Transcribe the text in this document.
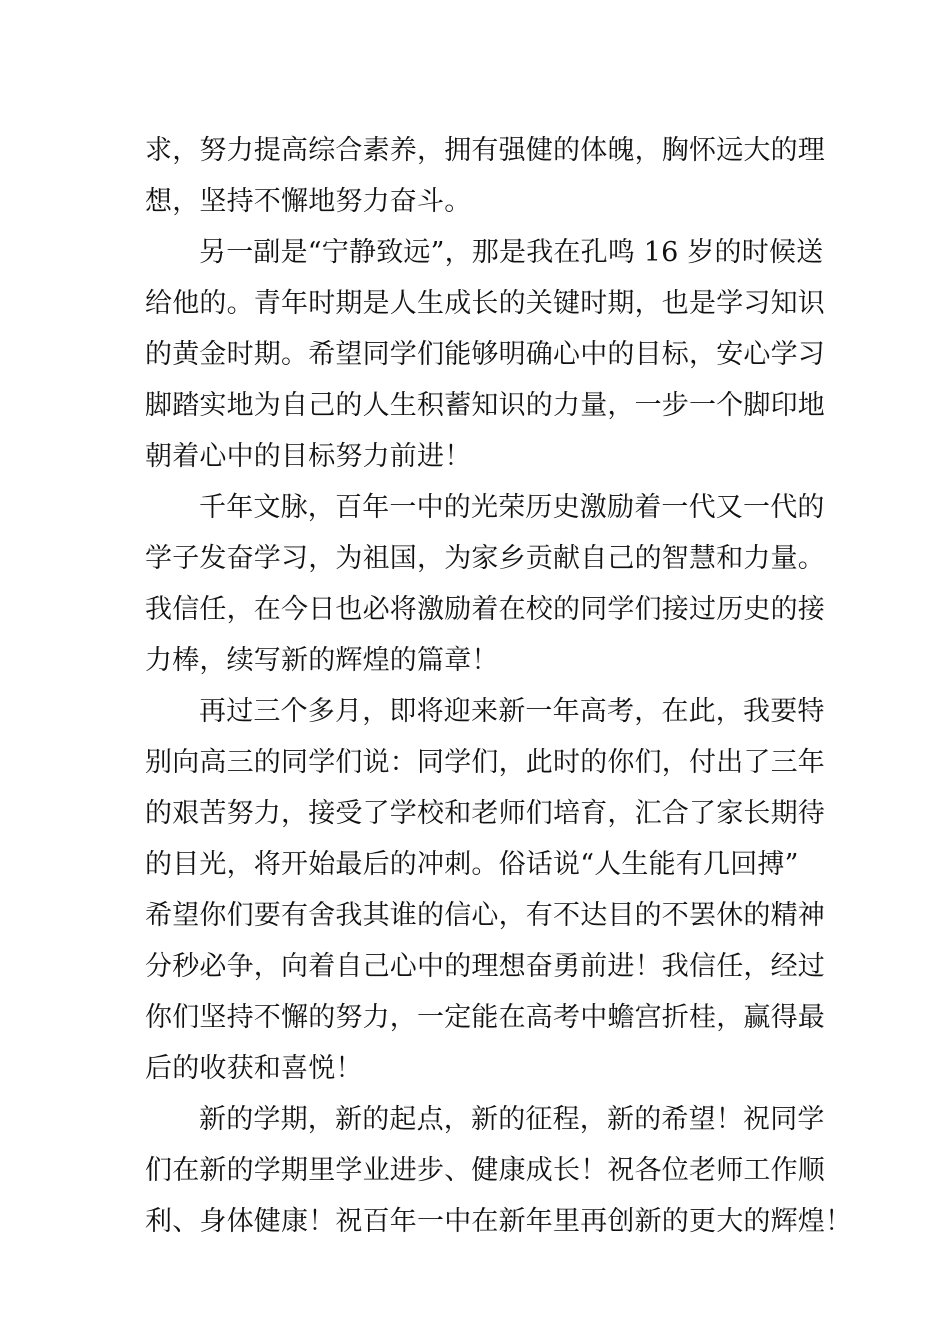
求，努力提高综合素养，拥有强健的体魄，胸怀远大的理
想，坚持不懈地努力奋斗。
另一副是“宁静致远”，那是我在孔鸣 16 岁的时候送
给他的。青年时期是人生成长的关键时期，也是学习知识
的黄金时期。希望同学们能够明确心中的目标，安心学习
脚踏实地为自己的人生积蓄知识的力量，一步一个脚印地
朝着心中的目标努力前进！
千年文脉，百年一中的光荣历史激励着一代又一代的
学子发奋学习，为祖国，为家乡贡献自己的智慧和力量。
我信任，在今日也必将激励着在校的同学们接过历史的接
力棒，续写新的辉煌的篇章！
再过三个多月，即将迎来新一年高考，在此，我要特
别向高三的同学们说：同学们，此时的你们，付出了三年
的艰苦努力，接受了学校和老师们培育，汇合了家长期待
的目光，将开始最后的冲刺。俗话说“人生能有几回搏”
希望你们要有舍我其谁的信心，有不达目的不罢休的精神
分秒必争，向着自己心中的理想奋勇前进！我信任，经过
你们坚持不懈的努力，一定能在高考中蟾宫折桂，赢得最
后的收获和喜悦！
新的学期，新的起点，新的征程，新的希望！祝同学
们在新的学期里学业进步、健康成长！祝各位老师工作顺
利、身体健康！祝百年一中在新年里再创新的更大的辉煌！
